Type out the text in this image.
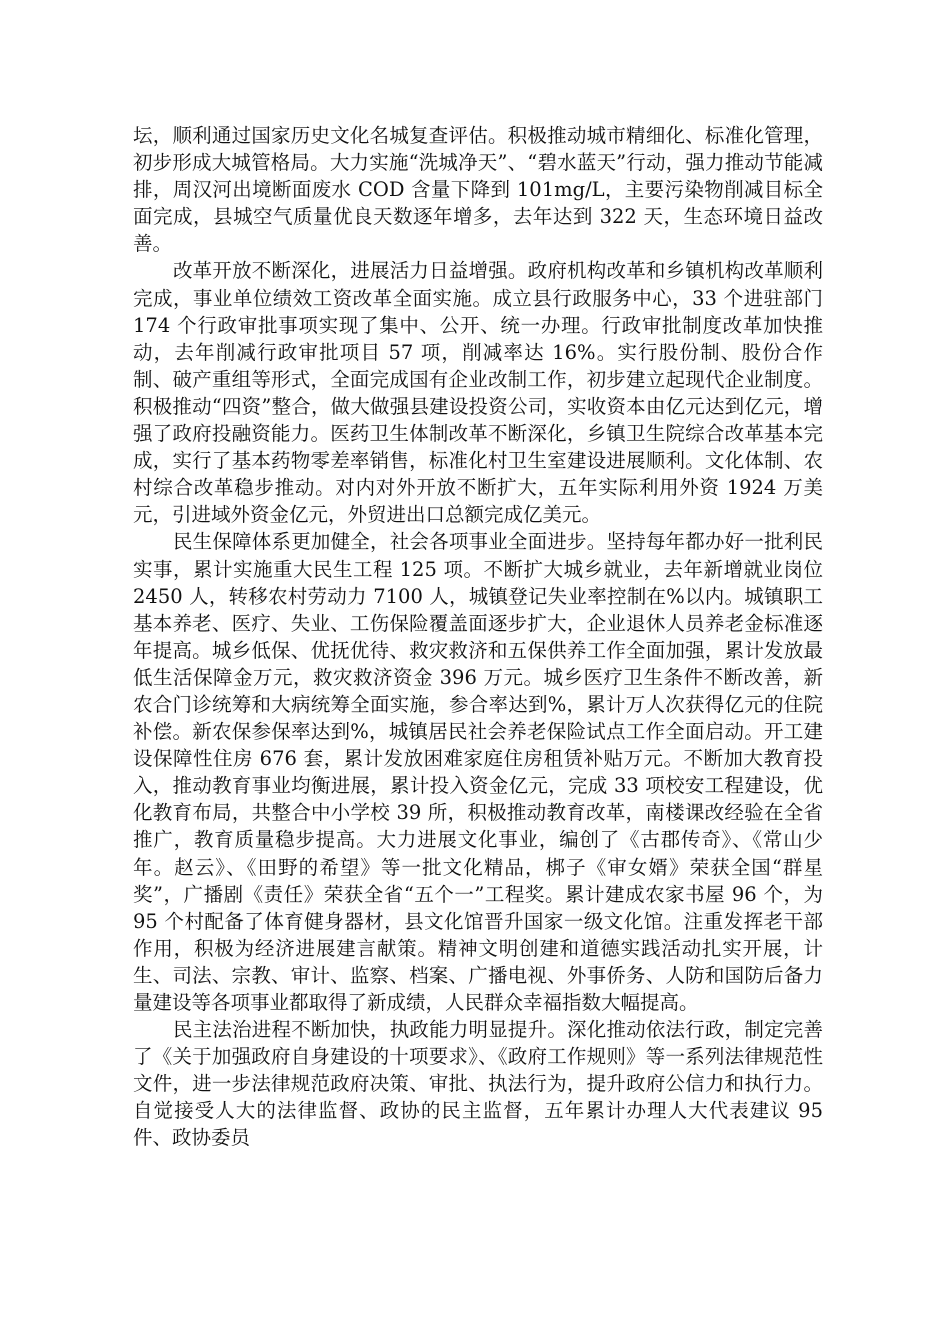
坛，顺利通过国家历史文化名城复查评估。积极推动城市精细化、标准化管理，初步形成大城管格局。大力实施“洗城净天”、“碧水蓝天”行动，强力推动节能减排，周汉河出境断面废水 COD 含量下降到 101mg/L，主要污染物削减目标全面完成，县城空气质量优良天数逐年增多，去年达到 322 天，生态环境日益改善。

改革开放不断深化，进展活力日益增强。政府机构改革和乡镇机构改革顺利完成，事业单位绩效工资改革全面实施。成立县行政服务中心，33 个进驻部门 174 个行政审批事项实现了集中、公开、统一办理。行政审批制度改革加快推动，去年削减行政审批项目 57 项，削减率达 16%。实行股份制、股份合作制、破产重组等形式，全面完成国有企业改制工作，初步建立起现代企业制度。积极推动“四资”整合，做大做强县建设投资公司，实收资本由亿元达到亿元，增强了政府投融资能力。医药卫生体制改革不断深化，乡镇卫生院综合改革基本完成，实行了基本药物零差率销售，标准化村卫生室建设进展顺利。文化体制、农村综合改革稳步推动。对内对外开放不断扩大，五年实际利用外资 1924 万美元，引进域外资金亿元，外贸进出口总额完成亿美元。

民生保障体系更加健全，社会各项事业全面进步。坚持每年都办好一批利民实事，累计实施重大民生工程 125 项。不断扩大城乡就业，去年新增就业岗位 2450 人，转移农村劳动力 7100 人，城镇登记失业率控制在%以内。城镇职工基本养老、医疗、失业、工伤保险覆盖面逐步扩大，企业退休人员养老金标准逐年提高。城乡低保、优抚优待、救灾救济和五保供养工作全面加强，累计发放最低生活保障金万元，救灾救济资金 396 万元。城乡医疗卫生条件不断改善，新农合门诊统筹和大病统筹全面实施，参合率达到%，累计万人次获得亿元的住院补偿。新农保参保率达到%，城镇居民社会养老保险试点工作全面启动。开工建设保障性住房 676 套，累计发放困难家庭住房租赁补贴万元。不断加大教育投入，推动教育事业均衡进展，累计投入资金亿元，完成 33 项校安工程建设，优化教育布局，共整合中小学校 39 所，积极推动教育改革，南楼课改经验在全省推广，教育质量稳步提高。大力进展文化事业，编创了《古郡传奇》、《常山少年。赵云》、《田野的希望》等一批文化精品，梆子《审女婿》荣获全国“群星奖”，广播剧《责任》荣获全省“五个一”工程奖。累计建成农家书屋 96 个，为 95 个村配备了体育健身器材，县文化馆晋升国家一级文化馆。注重发挥老干部作用，积极为经济进展建言献策。精神文明创建和道德实践活动扎实开展，计生、司法、宗教、审计、监察、档案、广播电视、外事侨务、人防和国防后备力量建设等各项事业都取得了新成绩，人民群众幸福指数大幅提高。

民主法治进程不断加快，执政能力明显提升。深化推动依法行政，制定完善了《关于加强政府自身建设的十项要求》、《政府工作规则》等一系列法律规范性文件，进一步法律规范政府决策、审批、执法行为，提升政府公信力和执行力。自觉接受人大的法律监督、政协的民主监督，五年累计办理人大代表建议 95 件、政协委员
